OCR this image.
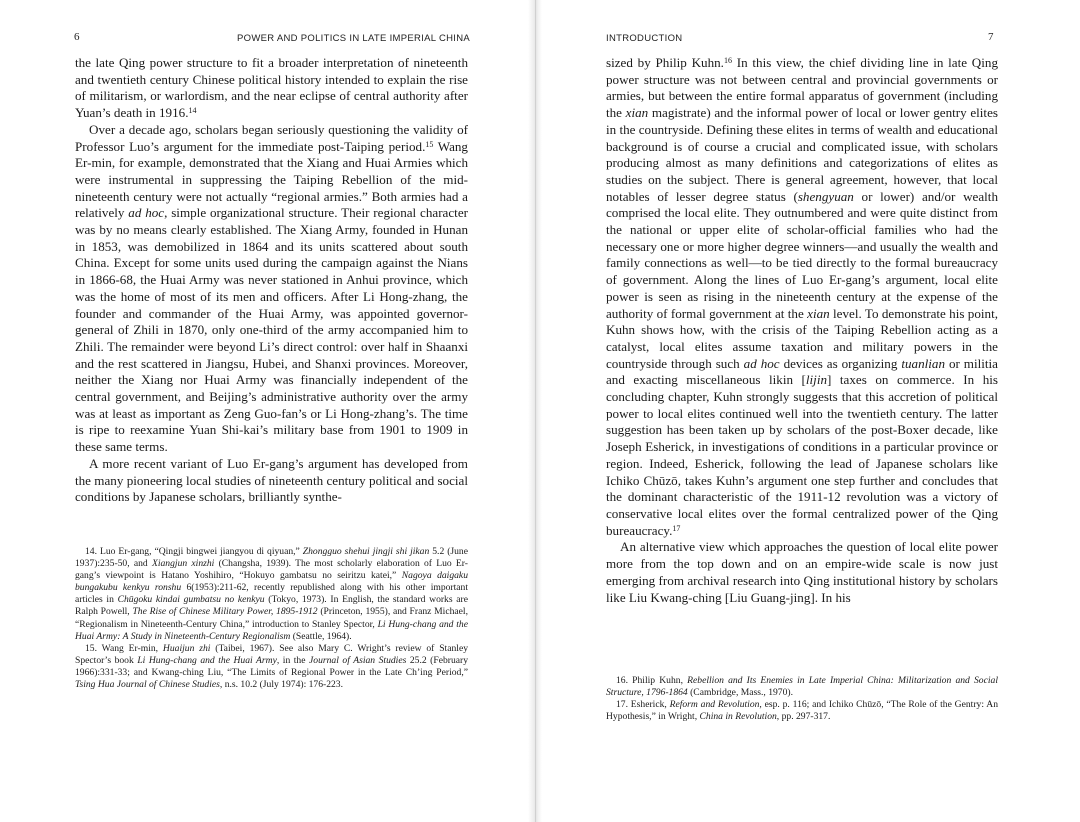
6	POWER AND POLITICS IN LATE IMPERIAL CHINA

the late Qing power structure to fit a broader interpretation of nineteenth and twentieth century Chinese political history intended to explain the rise of militarism, or warlordism, and the near eclipse of central authority after Yuan’s death in 1916.14

Over a decade ago, scholars began seriously questioning the validity of Professor Luo’s argument for the immediate post-Taiping period.$^{15}$ Wang Er-min, for example, demonstrated that the Xiang and Huai Armies which were instrumental in suppressing the Taiping Rebellion of the mid-nineteenth century were not actually “regional armies.” Both armies had a relatively ad hoc, simple organizational structure. Their regional character was by no means clearly established. The Xiang Army, founded in Hunan in 1853, was demobilized in 1864 and its units scattered about south China. Except for some units used during the campaign against the Nians in 1866-68, the Huai Army was never stationed in Anhui province, which was the home of most of its men and officers. After Li Hong-zhang, the founder and commander of the Huai Army, was appointed governor-general of Zhili in 1870, only one-third of the army accompanied him to Zhili. The remainder were beyond Li’s direct control: over half in Shaanxi and the rest scattered in Jiangsu, Hubei, and Shanxi provinces. Moreover, neither the Xiang nor Huai Army was financially independent of the central government, and Beijing’s administrative authority over the army was at least as important as Zeng Guo-fan’s or Li Hong-zhang’s. The time is ripe to reexamine Yuan Shi-kai’s military base from 1901 to 1909 in these same terms.

A more recent variant of Luo Er-gang’s argument has developed from the many pioneering local studies of nineteenth century political and social conditions by Japanese scholars, brilliantly synthe-

14. Luo Er-gang, “Qingji bingwei jiangyou di qiyuan,” Zhongguo shehui jingji shi jikan 5.2 (June 1937):235-50, and Xiangjun xinzhi (Changsha, 1939). The most scholarly elaboration of Luo Er-gang’s viewpoint is Hatano Yoshihiro, “Hokuyo gambatsu no seiritzu katei,” Nagoya daigaku bungakubu kenkyu ronshu 6(1953):211-62, recently republished along with his other important articles in Chūgoku kindai gumbatsu no kenkyu (Tokyo, 1973). In English, the standard works are Ralph Powell, The Rise of Chinese Military Power, 1895-1912 (Princeton, 1955), and Franz Michael, “Regionalism in Nineteenth-Century China,” introduction to Stanley Spector, Li Hung-chang and the Huai Army: A Study in Nineteenth-Century Regionalism (Seattle, 1964).

15. Wang Er-min, Huaijun zhi (Taibei, 1967). See also Mary C. Wright’s review of Stanley Spector’s book Li Hung-chang and the Huai Army, in the Journal of Asian Studies 25.2 (February 1966):331-33; and Kwang-ching Liu, “The Limits of Regional Power in the Late Ch’ing Period,” Tsing Hua Journal of Chinese Studies, n.s. 10.2 (July 1974): 176-223.

INTRODUCTION	7

sized by Philip Kuhn.$^{16}$ In this view, the chief dividing line in late Qing power structure was not between central and provincial governments or armies, but between the entire formal apparatus of government (including the xian magistrate) and the informal power of local or lower gentry elites in the countryside. Defining these elites in terms of wealth and educational background is of course a crucial and complicated issue, with scholars producing almost as many definitions and categorizations of elites as studies on the subject. There is general agreement, however, that local notables of lesser degree status (shengyuan or lower) and/or wealth comprised the local elite. They outnumbered and were quite distinct from the national or upper elite of scholar-official families who had the necessary one or more higher degree winners—and usually the wealth and family connections as well—to be tied directly to the formal bureaucracy of government. Along the lines of Luo Er-gang’s argument, local elite power is seen as rising in the nineteenth century at the expense of the authority of formal government at the xian level. To demonstrate his point, Kuhn shows how, with the crisis of the Taiping Rebellion acting as a catalyst, local elites assume taxation and military powers in the countryside through such ad hoc devices as organizing tuanlian or militia and exacting miscellaneous likin [lijin] taxes on commerce. In his concluding chapter, Kuhn strongly suggests that this accretion of political power to local elites continued well into the twentieth century. The latter suggestion has been taken up by scholars of the post-Boxer decade, like Joseph Esherick, in investigations of conditions in a particular province or region. Indeed, Esherick, following the lead of Japanese scholars like Ichiko Chūzō, takes Kuhn’s argument one step further and concludes that the dominant characteristic of the 1911-12 revolution was a victory of conservative local elites over the formal centralized power of the Qing bureaucracy.$^{17}$

An alternative view which approaches the question of local elite power more from the top down and on an empire-wide scale is now just emerging from archival research into Qing institutional history by scholars like Liu Kwang-ching [Liu Guang-jing]. In his

16. Philip Kuhn, Rebellion and Its Enemies in Late Imperial China: Militarization and Social Structure, 1796-1864 (Cambridge, Mass., 1970).

17. Esherick, Reform and Revolution, esp. p. 116; and Ichiko Chūzō, “The Role of the Gentry: An Hypothesis,” in Wright, China in Revolution, pp. 297-317.
